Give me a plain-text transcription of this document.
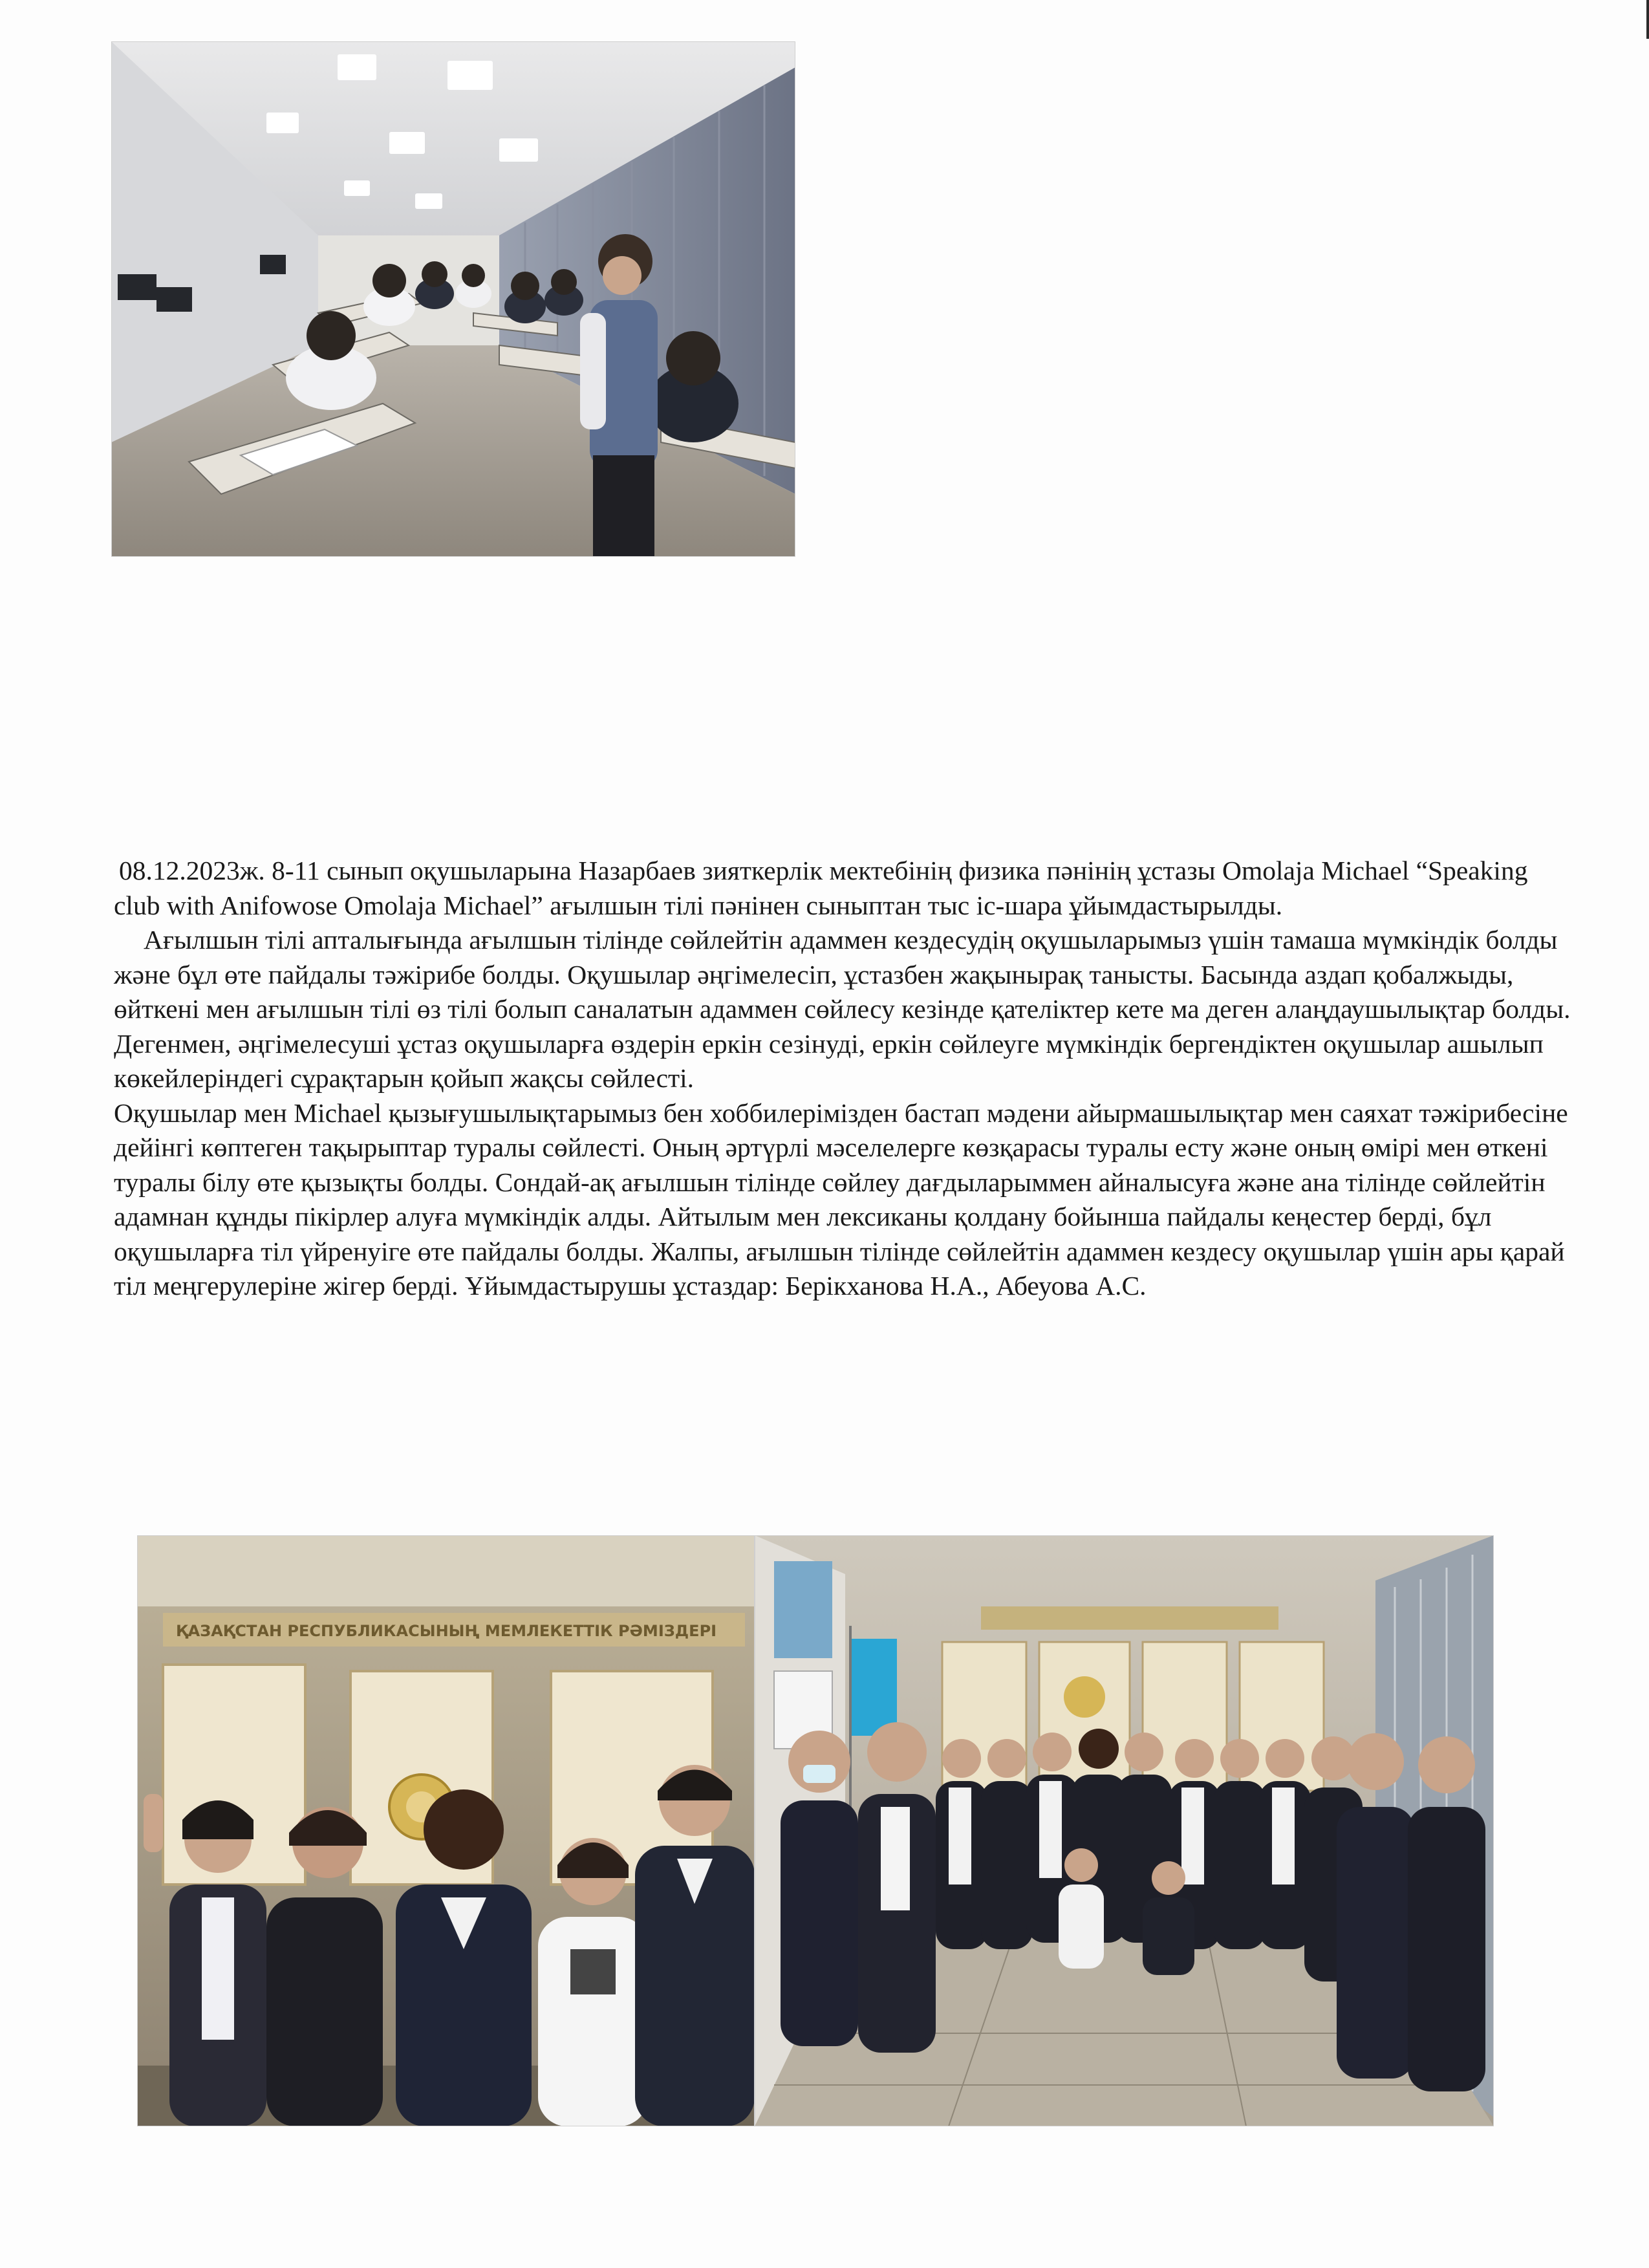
08.12.2023ж. 8-11 сынып оқушыларына Назарбаев зияткерлік мектебінің физика пәнінің ұстазы Omolaja Michael “Speaking club with Anifowose Omolaja Michael” ағылшын тілі пәнінен сыныптан тыс іс-шара ұйымдастырылды.

Ағылшын тілі апталығында ағылшын тілінде сөйлейтін адаммен кездесудің оқушыларымыз үшін тамаша мүмкіндік болды және бұл өте пайдалы тәжірибе болды. Оқушылар әңгімелесіп, ұстазбен жақынырақ танысты. Басында аздап қобалжыды, өйткені мен ағылшын тілі өз тілі болып саналатын адаммен сөйлесу кезінде қателіктер кете ма деген алаңдаушылықтар болды. Дегенмен, әңгімелесуші ұстаз оқушыларға өздерін еркін сезінуді, еркін сөйлеуге мүмкіндік бергендіктен оқушылар ашылып көкейлеріндегі сұрақтарын қойып жақсы сөйлесті.

Оқушылар мен Michael қызығушылықтарымыз бен хоббилерімізден бастап мәдени айырмашылықтар мен саяхат тәжірибесіне дейінгі көптеген тақырыптар туралы сөйлесті. Оның әртүрлі мәселелерге көзқарасы туралы есту және оның өмірі мен өткені туралы білу өте қызықты болды. Сондай-ақ ағылшын тілінде сөйлеу дағдыларыммен айналысуға және ана тілінде сөйлейтін адамнан құнды пікірлер алуға мүмкіндік алды. Айтылым мен лексиканы қолдану бойынша пайдалы кеңестер берді, бұл оқушыларға тіл үйренуіге өте пайдалы болды. Жалпы, ағылшын тілінде сөйлейтін адаммен кездесу оқушылар үшін ары қарай тіл меңгерулеріне жігер берді. Ұйымдастырушы ұстаздар: Берікханова Н.А., Абеуова А.С.

ҚАЗАҚСТАН РЕСПУБЛИКАСЫНЫҢ МЕМЛЕКЕТТІК РӘМІЗДЕРІ
